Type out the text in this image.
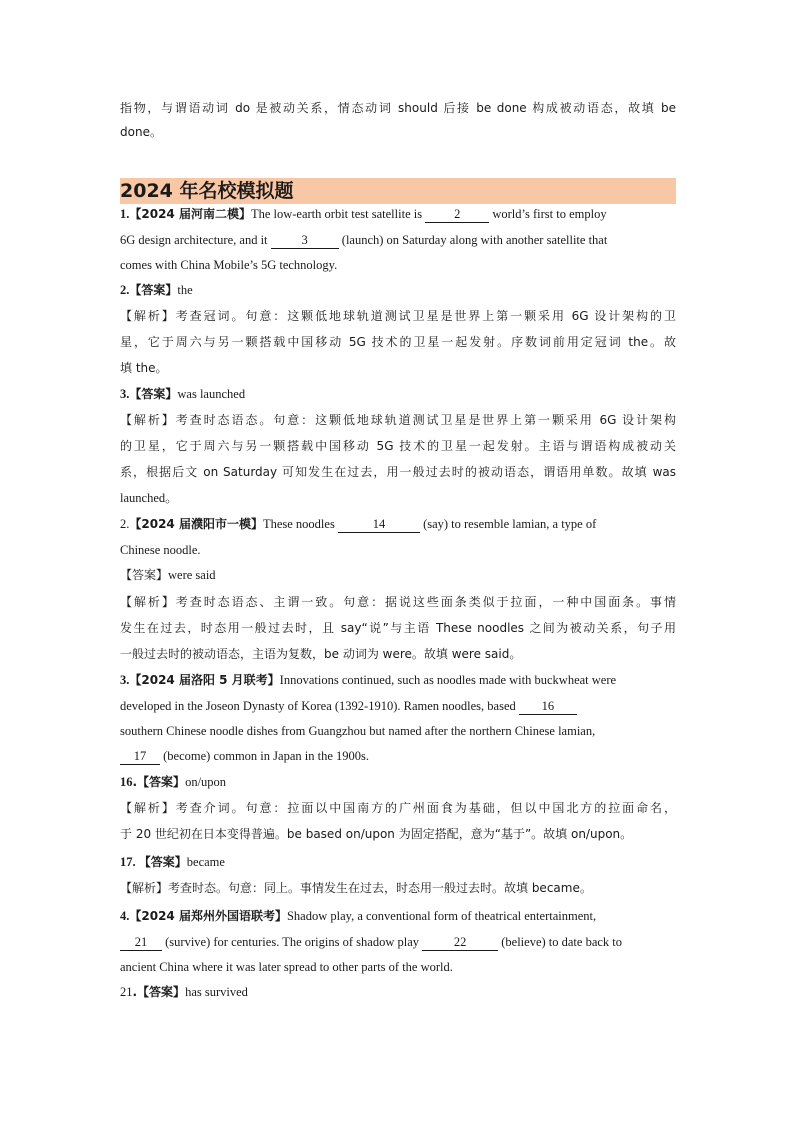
指物，与谓语动词 do 是被动关系，情态动词 should 后接 be done 构成被动语态，故填 be
done。
2024 年名校模拟题
1.【2024 届河南二模】The low-earth orbit test satellite is 2 world’s first to employ
6G design architecture, and it 3 (launch) on Saturday along with another satellite that
comes with China Mobile’s 5G technology.
2.【答案】the
【解析】考查冠词。句意：这颗低地球轨道测试卫星是世界上第一颗采用 6G 设计架构的卫
星，它于周六与另一颗搭载中国移动 5G 技术的卫星一起发射。序数词前用定冠词 the。故
填 the。
3.【答案】was launched
【解析】考查时态语态。句意：这颗低地球轨道测试卫星是世界上第一颗采用 6G 设计架构
的卫星，它于周六与另一颗搭载中国移动 5G 技术的卫星一起发射。主语与谓语构成被动关
系，根据后文 on Saturday 可知发生在过去，用一般过去时的被动语态，谓语用单数。故填 was
launched。
2.【2024 届濮阳市一模】These noodles	14	(say) to resemble lamian, a type of
Chinese noodle.
【答案】were said
【解析】考查时态语态、主谓一致。句意：据说这些面条类似于拉面，一种中国面条。事情
发生在过去，时态用一般过去时，且 say“说”与主语 These noodles 之间为被动关系，句子用
一般过去时的被动语态，主语为复数，be 动词为 were。故填 were said。
3.【2024 届洛阳 5 月联考】Innovations continued, such as noodles made with buckwheat were
developed in the Joseon Dynasty of Korea (1392-1910). Ramen noodles, based 16
southern Chinese noodle dishes from Guangzhou but named after the northern Chinese lamian,
17 (become) common in Japan in the 1900s.
16.【答案】on/upon
【解析】考查介词。句意：拉面以中国南方的广州面食为基础，但以中国北方的拉面命名，
于 20 世纪初在日本变得普遍。be based on/upon 为固定搭配，意为“基于”。故填 on/upon。
17. 【答案】became
【解析】考查时态。句意：同上。事情发生在过去，时态用一般过去时。故填 became。
4.【2024 届郑州外国语联考】Shadow play, a conventional form of theatrical entertainment,
21 (survive) for centuries. The origins of shadow play	22	(believe) to date back to
ancient China where it was later spread to other parts of the world.
21.【答案】has survived
